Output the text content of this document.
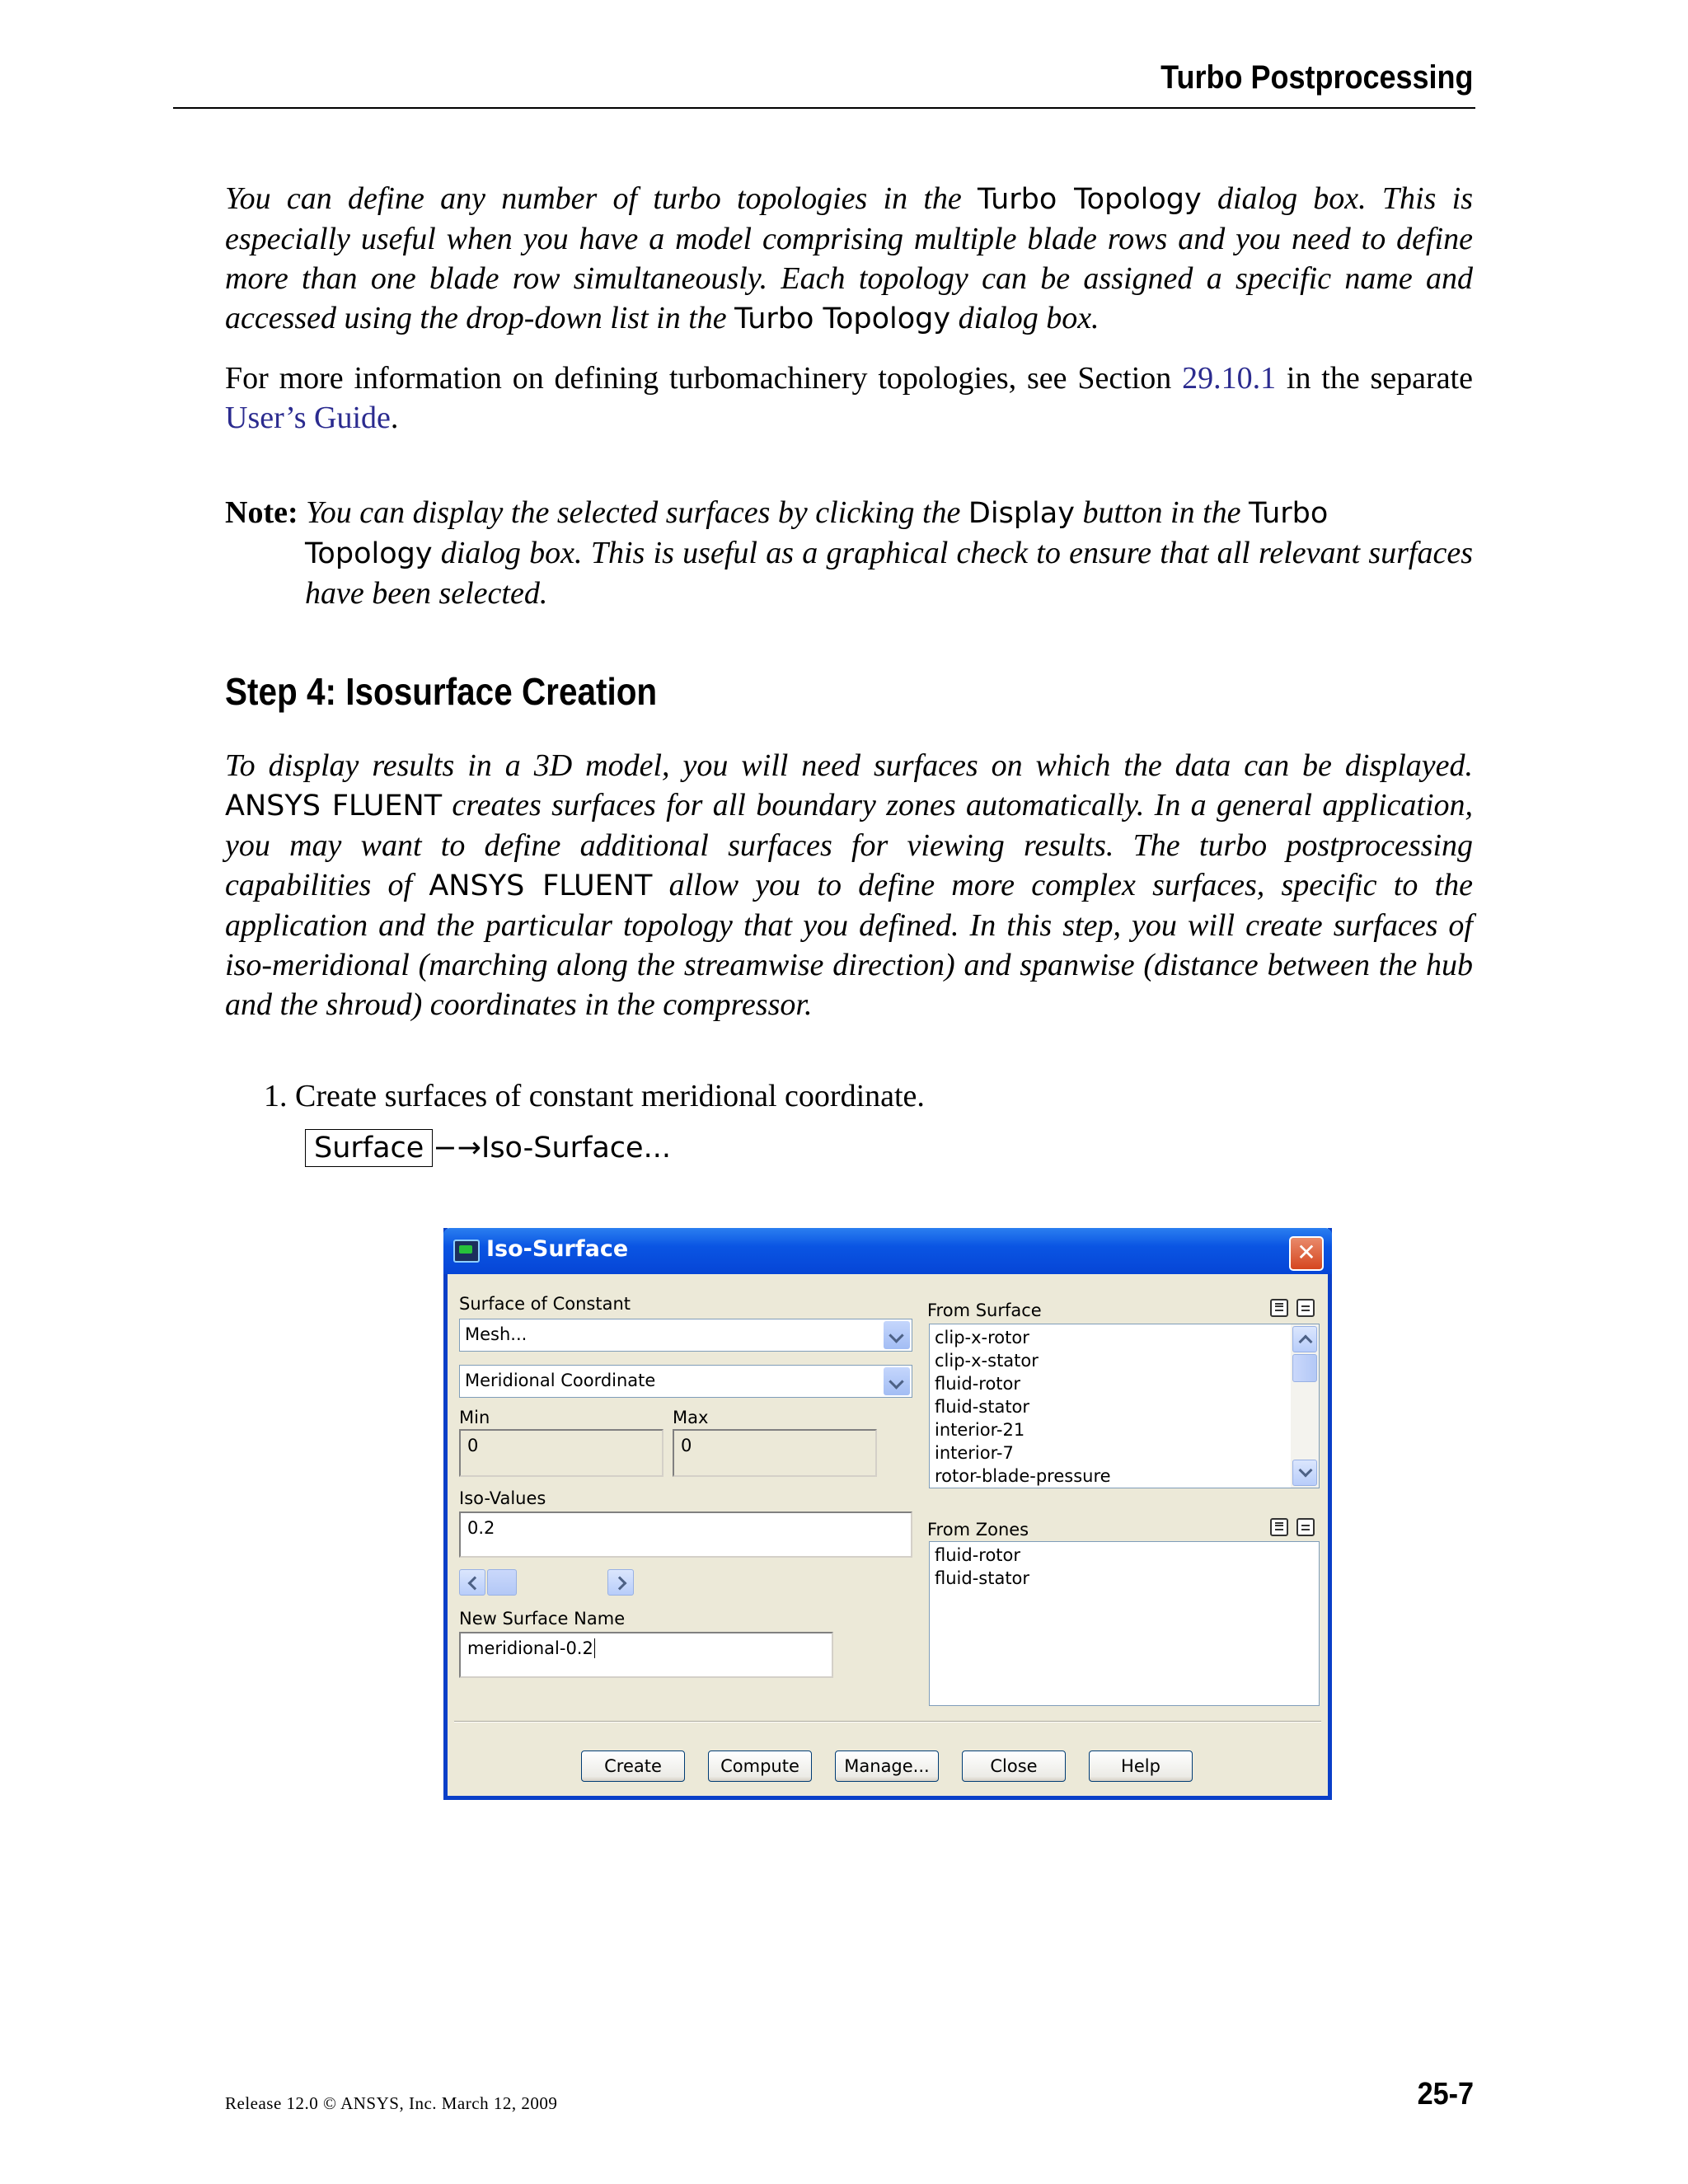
Turbo Postprocessing
You can define any number of turbo topologies in the Turbo Topology dialog box. This is especially useful when you have a model comprising multiple blade rows and you need to define more than one blade row simultaneously. Each topology can be assigned a specific name and accessed using the drop-down list in the Turbo Topology dialog box.
For more information on defining turbomachinery topologies, see Section 29.10.1 in the separate User’s Guide.
Note: You can display the selected surfaces by clicking the Display button in the Turbo
Topology dialog box. This is useful as a graphical check to ensure that all relevant surfaces have been selected.
Step 4: Isosurface Creation
To display results in a 3D model, you will need surfaces on which the data can be displayed. ANSYS FLUENT creates surfaces for all boundary zones automatically. In a general application, you may want to define additional surfaces for viewing results. The turbo postprocessing capabilities of ANSYS FLUENT allow you to define more complex surfaces, specific to the application and the particular topology that you defined. In this step, you will create surfaces of iso-meridional (marching along the streamwise direction) and spanwise (distance between the hub and the shroud) coordinates in the compressor.
1. Create surfaces of constant meridional coordinate.
Surface −→ Iso-Surface...
Iso-Surface	✕
Surface of Constant
Mesh...
Meridional Coordinate
Min	Max
0	0
Iso-Values
0.2
New Surface Name
meridional-0.2
From Surface
clip-x-rotor
clip-x-stator
fluid-rotor
fluid-stator
interior-21
interior-7
rotor-blade-pressure
From Zones
fluid-rotor
fluid-stator
Create	Compute	Manage...	Close	Help
Release 12.0 © ANSYS, Inc. March 12, 2009	25-7
